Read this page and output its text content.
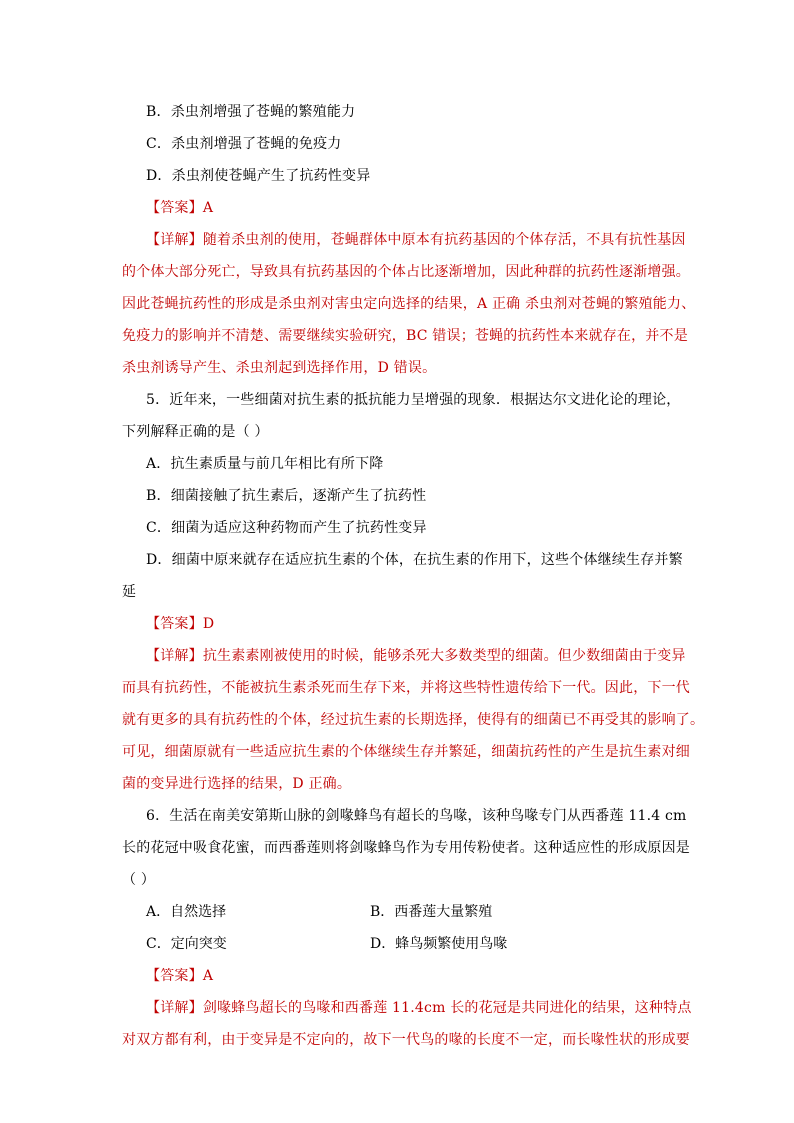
B．杀虫剂增强了苍蝇的繁殖能力
C．杀虫剂增强了苍蝇的免疫力
D．杀虫剂使苍蝇产生了抗药性变异
【答案】A
【详解】随着杀虫剂的使用，苍蝇群体中原本有抗药基因的个体存活，不具有抗性基因
的个体大部分死亡，导致具有抗药基因的个体占比逐渐增加，因此种群的抗药性逐渐增强。
因此苍蝇抗药性的形成是杀虫剂对害虫定向选择的结果，A 正确 杀虫剂对苍蝇的繁殖能力、
免疫力的影响并不清楚、需要继续实验研究，BC 错误；苍蝇的抗药性本来就存在，并不是
杀虫剂诱导产生、杀虫剂起到选择作用，D 错误。
5．近年来，一些细菌对抗生素的抵抗能力呈增强的现象．根据达尔文进化论的理论，
下列解释正确的是（ ）
A．抗生素质量与前几年相比有所下降
B．细菌接触了抗生素后，逐渐产生了抗药性
C．细菌为适应这种药物而产生了抗药性变异
D．细菌中原来就存在适应抗生素的个体，在抗生素的作用下，这些个体继续生存并繁
延
【答案】D
【详解】抗生素素刚被使用的时候，能够杀死大多数类型的细菌。但少数细菌由于变异
而具有抗药性，不能被抗生素杀死而生存下来，并将这些特性遗传给下一代。因此，下一代
就有更多的具有抗药性的个体，经过抗生素的长期选择，使得有的细菌已不再受其的影响了。
可见，细菌原就有一些适应抗生素的个体继续生存并繁延，细菌抗药性的产生是抗生素对细
菌的变异进行选择的结果，D 正确。
6．生活在南美安第斯山脉的剑喙蜂鸟有超长的鸟喙，该种鸟喙专门从西番莲 11.4 cm
长的花冠中吸食花蜜，而西番莲则将剑喙蜂鸟作为专用传粉使者。这种适应性的形成原因是
（ ）
A．自然选择	B．西番莲大量繁殖
C．定向突变	D．蜂鸟频繁使用鸟喙
【答案】A
【详解】剑喙蜂鸟超长的鸟喙和西番莲 11.4cm 长的花冠是共同进化的结果，这种特点
对双方都有利，由于变异是不定向的，故下一代鸟的喙的长度不一定，而长喙性状的形成要
